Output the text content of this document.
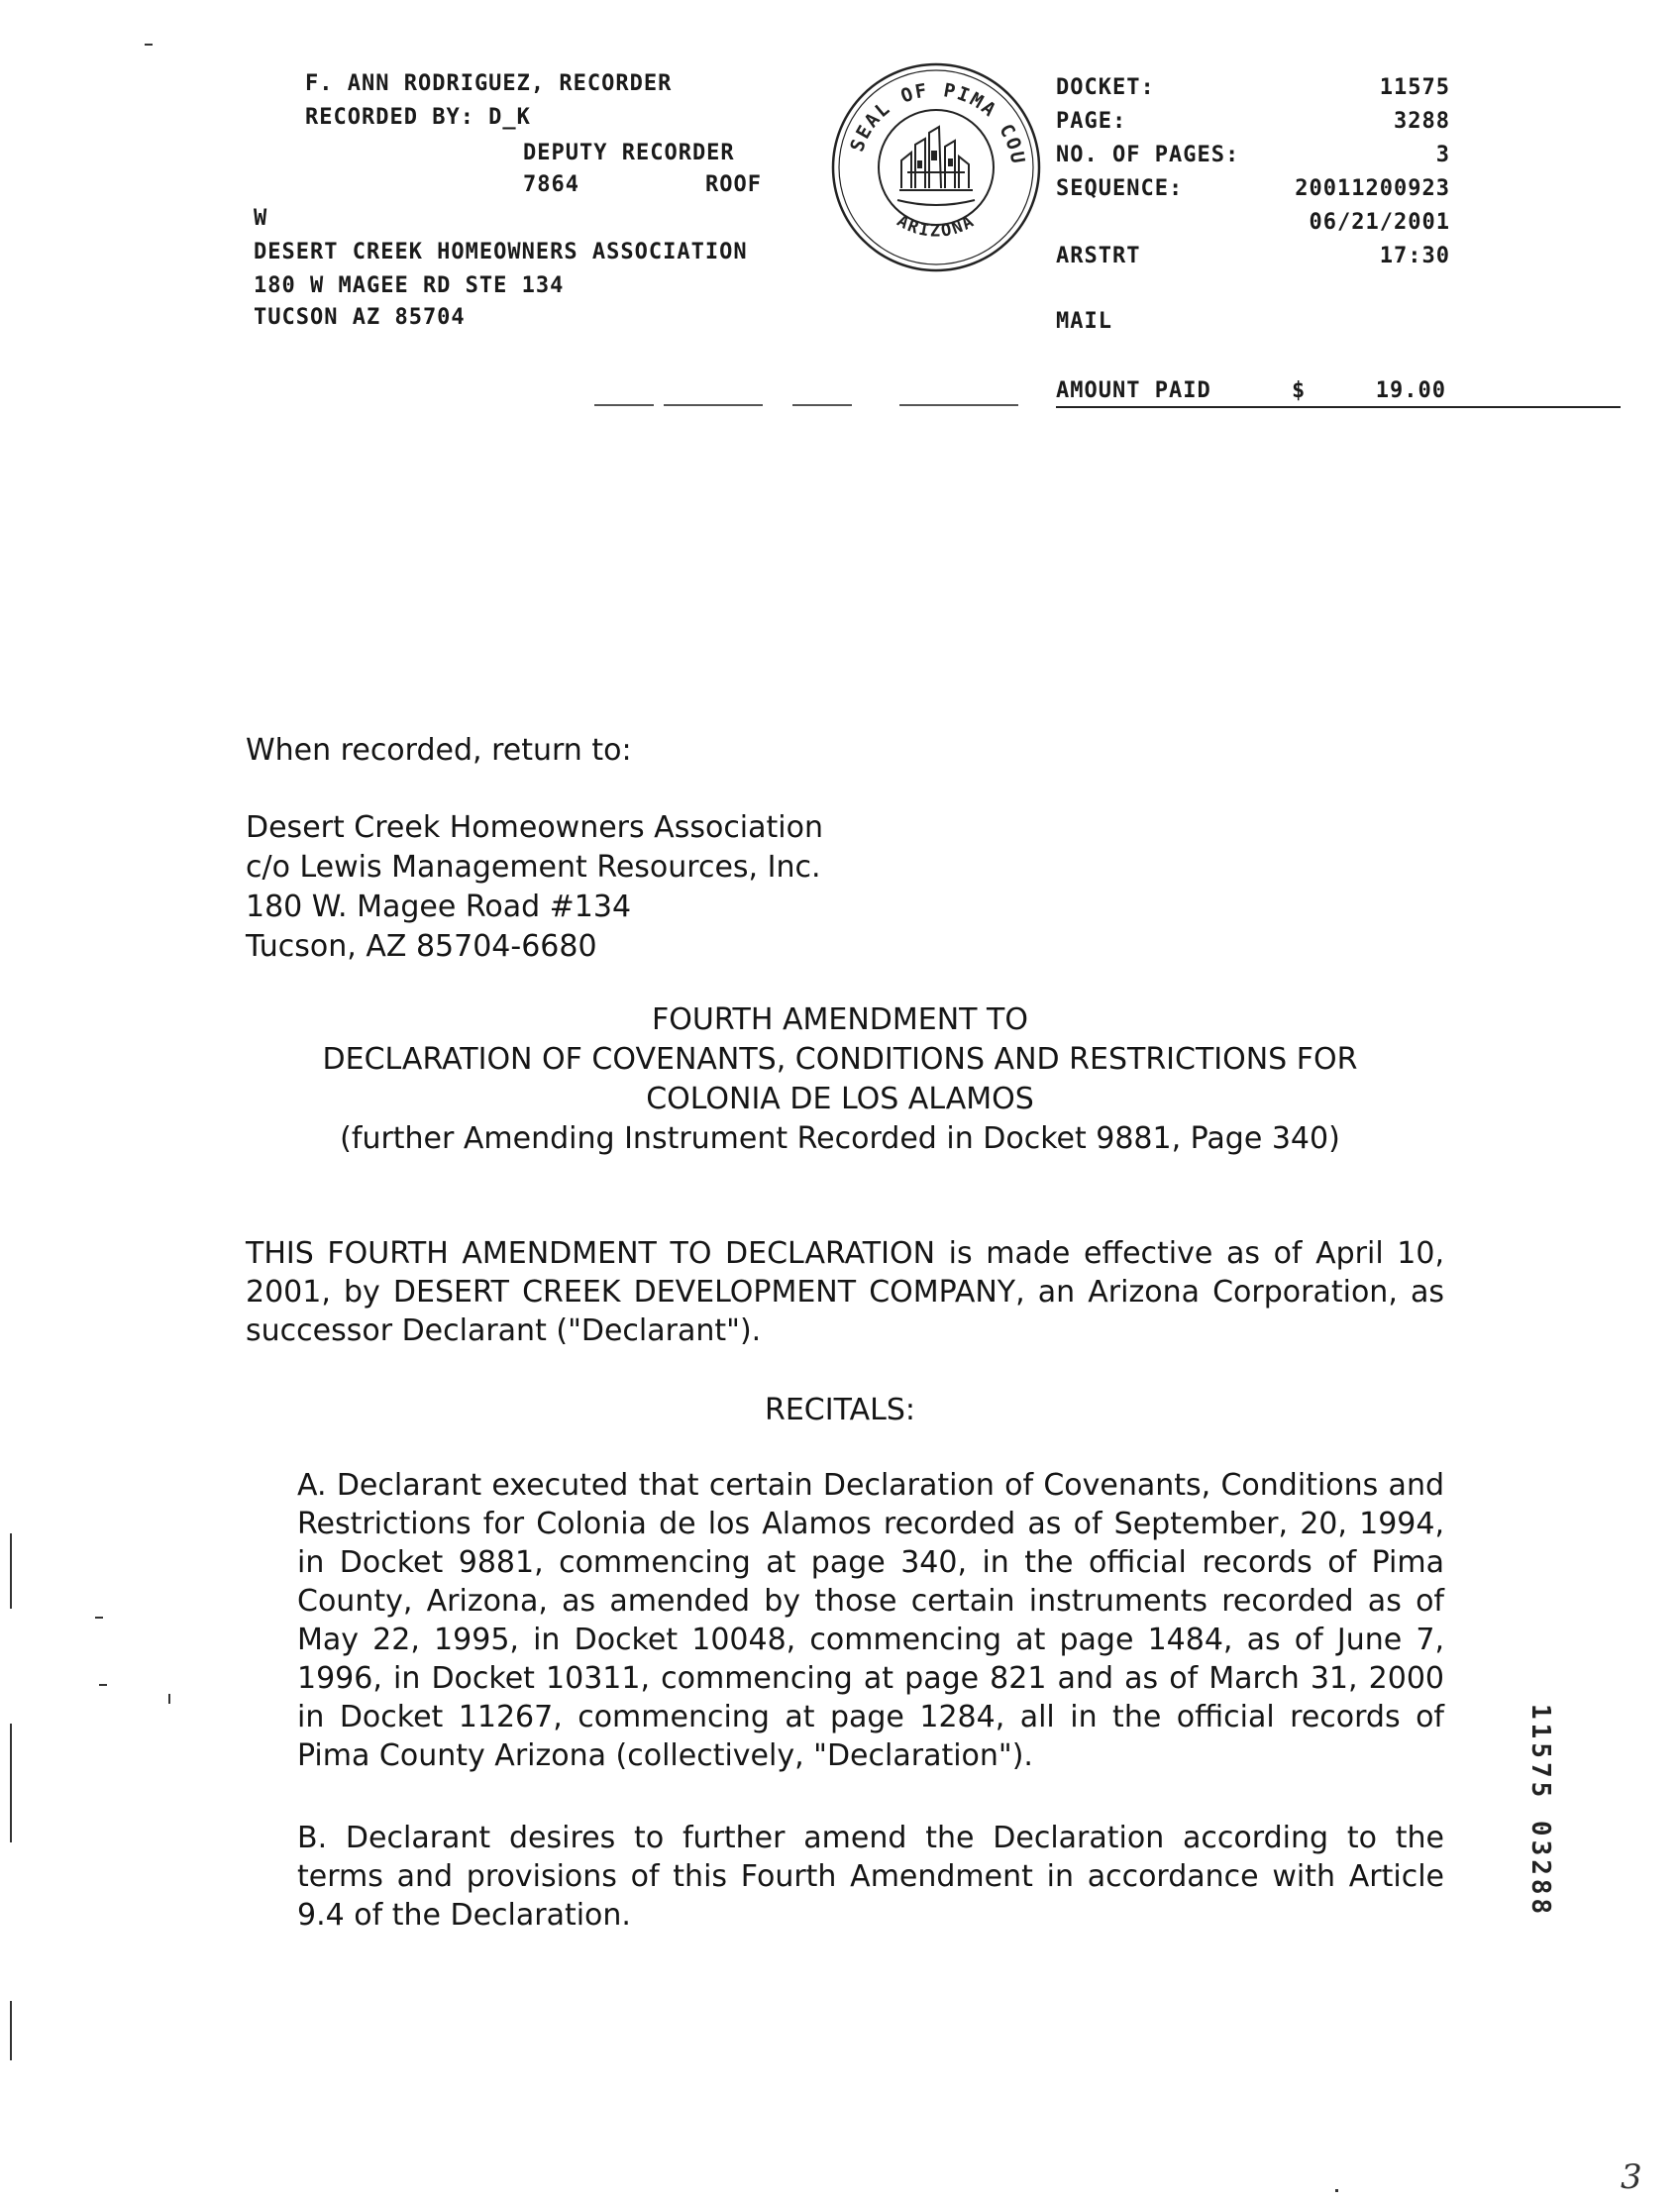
F. ANN RODRIGUEZ, RECORDER
RECORDED BY: D_K
DEPUTY RECORDER
7864	ROOF
W
DESERT CREEK HOMEOWNERS ASSOCIATION
180 W MAGEE RD STE 134
TUCSON AZ 85704
SEAL OF PIMA COU
ARIZONA
DOCKET:	11575
PAGE:	3288
NO. OF PAGES:	3
SEQUENCE:	20011200923
06/21/2001
ARSTRT	17:30
MAIL
AMOUNT PAID	$	19.00
When recorded, return to:
Desert Creek Homeowners Association
c/o Lewis Management Resources, Inc.
180 W. Magee Road #134
Tucson, AZ 85704-6680
FOURTH AMENDMENT TO
DECLARATION OF COVENANTS, CONDITIONS AND RESTRICTIONS FOR
COLONIA DE LOS ALAMOS
(further Amending Instrument Recorded in Docket 9881, Page 340)
THIS FOURTH AMENDMENT TO DECLARATION is made effective as of April 10, 2001, by DESERT CREEK DEVELOPMENT COMPANY, an Arizona Corporation, as successor Declarant ("Declarant").
RECITALS:
A. Declarant executed that certain Declaration of Covenants, Conditions and Restrictions for Colonia de los Alamos recorded as of September, 20, 1994, in Docket 9881, commencing at page 340, in the official records of Pima County, Arizona, as amended by those certain instruments recorded as of May 22, 1995, in Docket 10048, commencing at page 1484, as of June 7, 1996, in Docket 10311, commencing at page 821 and as of March 31, 2000 in Docket 11267, commencing at page 1284, all in the official records of Pima County Arizona (collectively, "Declaration").
B. Declarant desires to further amend the Declaration according to the terms and provisions of this Fourth Amendment in accordance with Article 9.4 of the Declaration.	11575 03288
3
